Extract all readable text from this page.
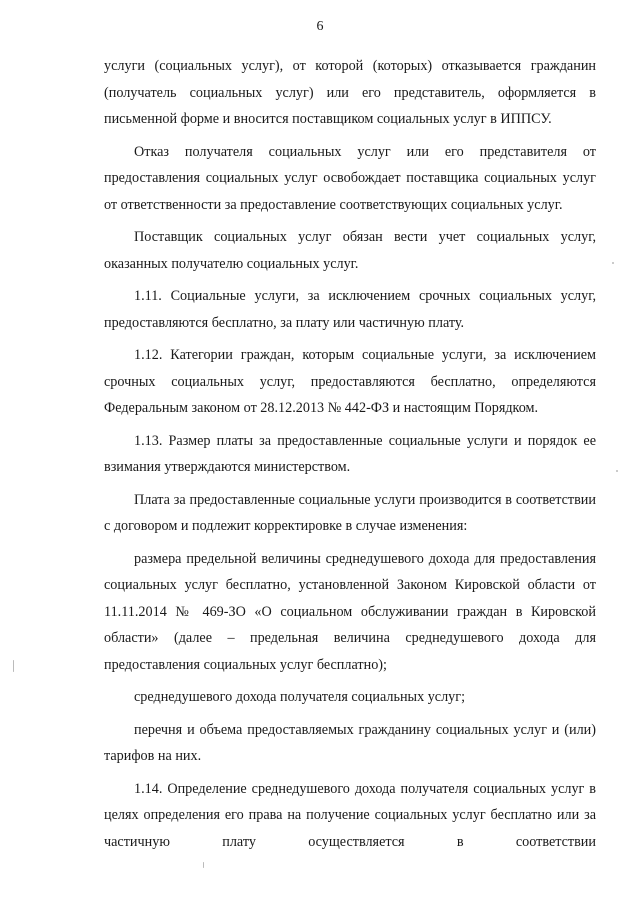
6

услуги (социальных услуг), от которой (которых) отказывается гражданин (получатель социальных услуг) или его представитель, оформляется в письменной форме и вносится поставщиком социальных услуг в ИППСУ.

Отказ получателя социальных услуг или его представителя от предоставления социальных услуг освобождает поставщика социальных услуг от ответственности за предоставление соответствующих социальных услуг.

Поставщик социальных услуг обязан вести учет социальных услуг, оказанных получателю социальных услуг.

1.11. Социальные услуги, за исключением срочных социальных услуг, предоставляются бесплатно, за плату или частичную плату.

1.12. Категории граждан, которым социальные услуги, за исключением срочных социальных услуг, предоставляются бесплатно, определяются Федеральным законом от 28.12.2013 № 442-ФЗ и настоящим Порядком.

1.13. Размер платы за предоставленные социальные услуги и порядок ее взимания утверждаются министерством.

Плата за предоставленные социальные услуги производится в соответствии с договором и подлежит корректировке в случае изменения:

размера предельной величины среднедушевого дохода для предоставления социальных услуг бесплатно, установленной Законом Кировской области от 11.11.2014 № 469-ЗО «О социальном обслуживании граждан в Кировской области» (далее – предельная величина среднедушевого дохода для предоставления социальных услуг бесплатно);

среднедушевого дохода получателя социальных услуг;

перечня и объема предоставляемых гражданину социальных услуг и (или) тарифов на них.

1.14. Определение среднедушевого дохода получателя социальных услуг в целях определения его права на получение социальных услуг бесплатно или за частичную плату осуществляется в соответствии
